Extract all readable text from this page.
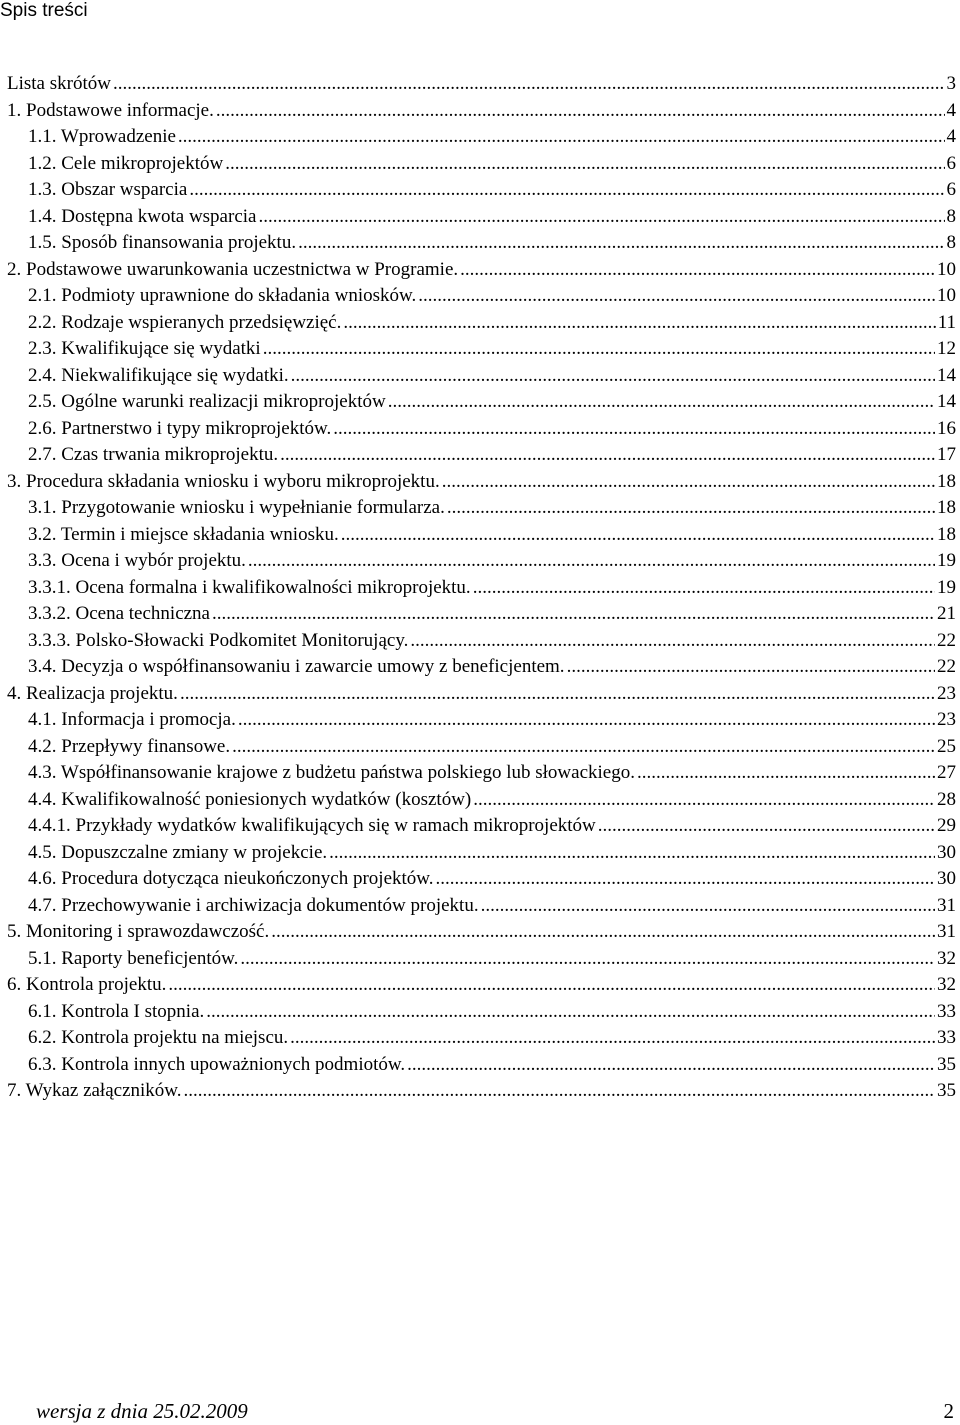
Spis treści
Lista skrótów .....	3
1. Podstawowe informacje. .....	4
1.1. Wprowadzenie .....	4
1.2. Cele mikroprojektów .....	6
1.3. Obszar wsparcia .....	6
1.4. Dostępna kwota wsparcia .....	8
1.5. Sposób finansowania projektu. .....	8
2. Podstawowe uwarunkowania uczestnictwa w Programie. .....	10
2.1. Podmioty uprawnione do składania wniosków. .....	10
2.2. Rodzaje wspieranych przedsięwzięć. .....	11
2.3. Kwalifikujące się wydatki .....	12
2.4. Niekwalifikujące się wydatki. .....	14
2.5. Ogólne warunki realizacji mikroprojektów .....	14
2.6. Partnerstwo i typy mikroprojektów. .....	16
2.7. Czas trwania mikroprojektu. .....	17
3. Procedura składania wniosku i wyboru mikroprojektu. .....	18
3.1. Przygotowanie wniosku i wypełnianie formularza. .....	18
3.2. Termin i miejsce składania wniosku. .....	18
3.3. Ocena i wybór projektu. .....	19
3.3.1. Ocena formalna i kwalifikowalności mikroprojektu. .....	19
3.3.2. Ocena techniczna .....	21
3.3.3. Polsko-Słowacki Podkomitet Monitorujący. .....	22
3.4. Decyzja o współfinansowaniu i zawarcie umowy z beneficjentem. .....	22
4. Realizacja projektu. .....	23
4.1. Informacja i promocja. .....	23
4.2. Przepływy finansowe. .....	25
4.3. Współfinansowanie krajowe z budżetu państwa polskiego lub słowackiego. .....	27
4.4. Kwalifikowalność poniesionych wydatków (kosztów) .....	28
4.4.1. Przykłady wydatków kwalifikujących się w ramach mikroprojektów .....	29
4.5. Dopuszczalne zmiany w projekcie. .....	30
4.6. Procedura dotycząca nieukończonych projektów. .....	30
4.7. Przechowywanie i archiwizacja dokumentów projektu. .....	31
5. Monitoring i sprawozdawczość. .....	31
5.1. Raporty beneficjentów. .....	32
6. Kontrola projektu. .....	32
6.1. Kontrola I stopnia. .....	33
6.2. Kontrola projektu na miejscu. .....	33
6.3. Kontrola innych upoważnionych podmiotów. .....	35
7. Wykaz załączników. .....	35
wersja z dnia 25.02.2009	2
